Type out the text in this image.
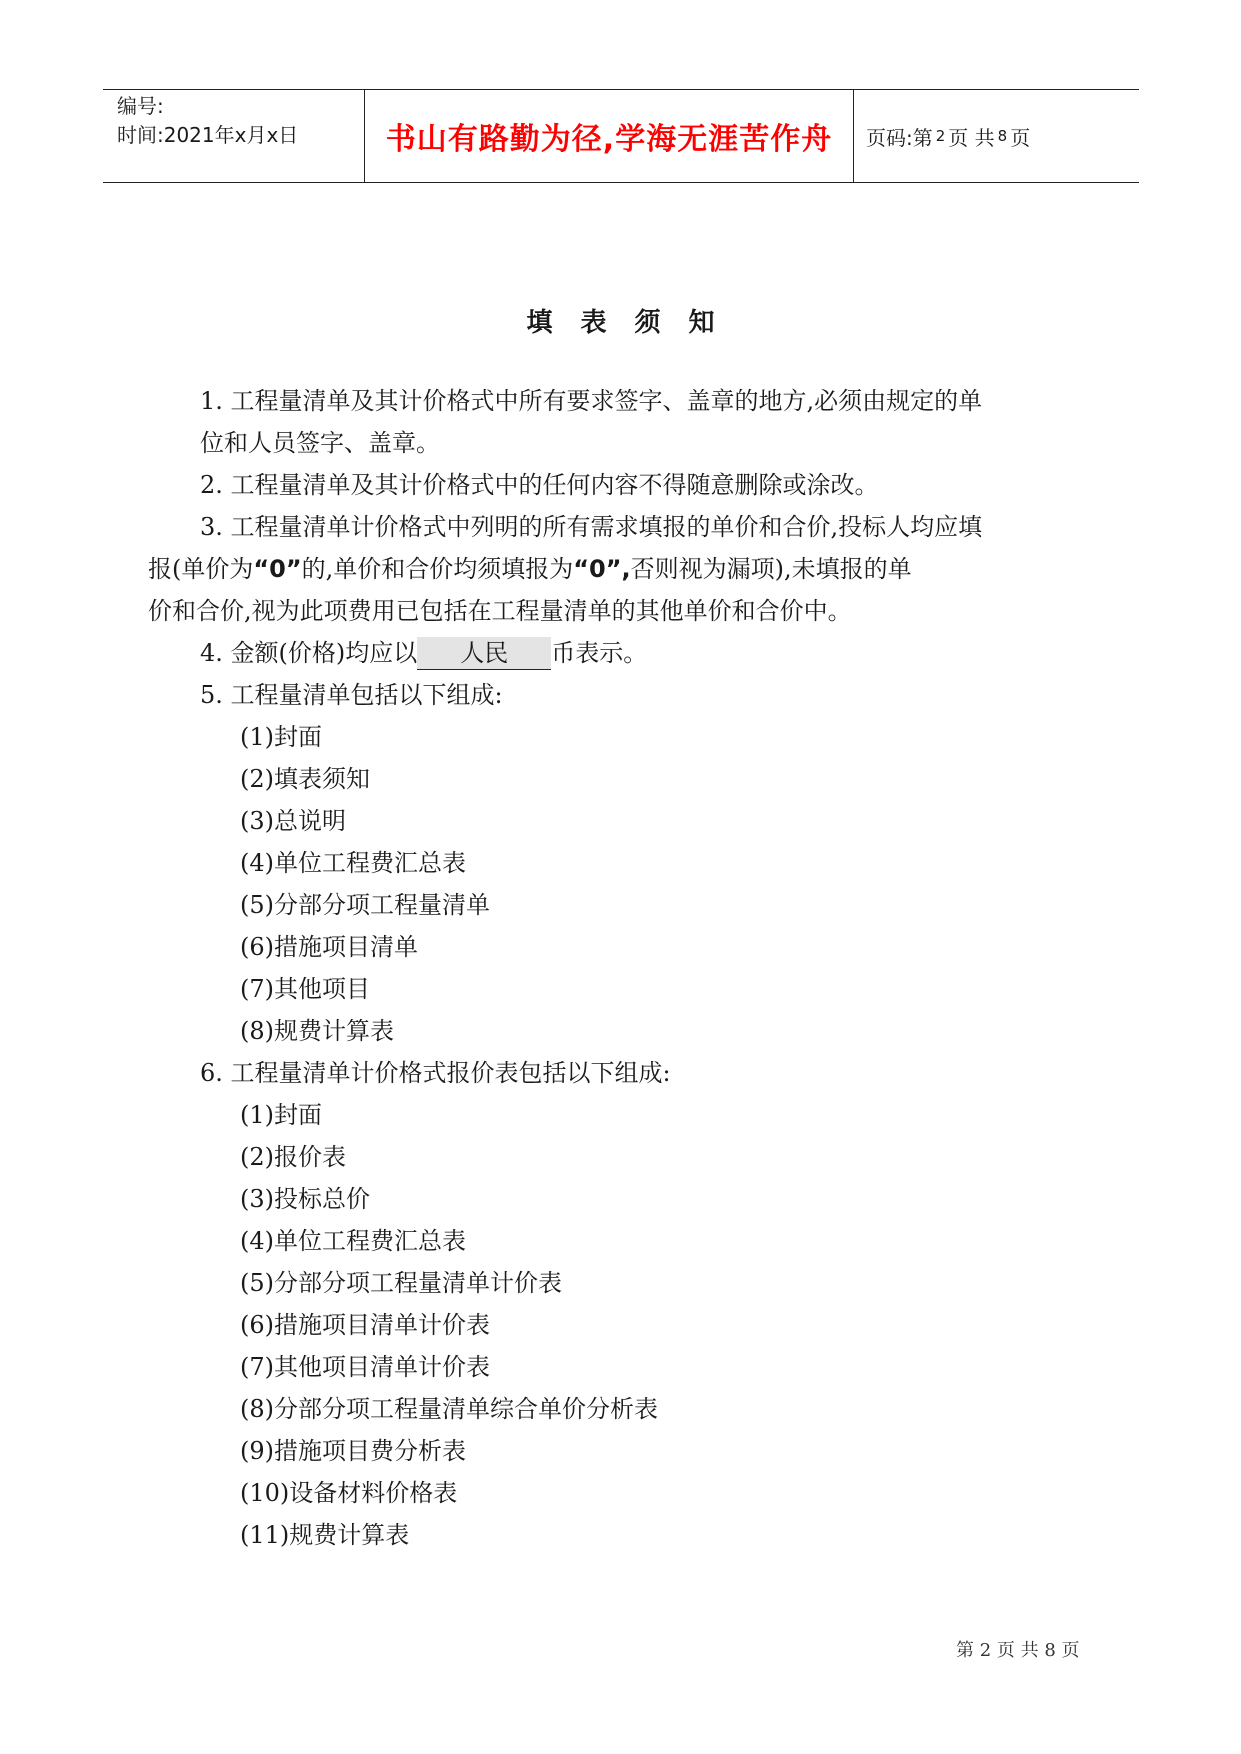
编号:
时间:2021年x月x日	书山有路勤为径,学海无涯苦作舟	页码:第 2 页 共 8 页
填表须知

1. 工程量清单及其计价格式中所有要求签字、盖章的地方,必须由规定的单

位和人员签字、盖章。

2. 工程量清单及其计价格式中的任何内容不得随意删除或涂改。

3. 工程量清单计价格式中列明的所有需求填报的单价和合价,投标人均应填

报(单价为“0”的,单价和合价均须填报为“0”,否则视为漏项),未填报的单

价和合价,视为此项费用已包括在工程量清单的其他单价和合价中。

4. 金额(价格)均应以 人民 币表示。

5. 工程量清单包括以下组成:

(1)封面

(2)填表须知

(3)总说明

(4)单位工程费汇总表

(5)分部分项工程量清单

(6)措施项目清单

(7)其他项目

(8)规费计算表

6. 工程量清单计价格式报价表包括以下组成:

(1)封面

(2)报价表

(3)投标总价

(4)单位工程费汇总表

(5)分部分项工程量清单计价表

(6)措施项目清单计价表

(7)其他项目清单计价表

(8)分部分项工程量清单综合单价分析表

(9)措施项目费分析表

(10)设备材料价格表

(11)规费计算表

第 2 页 共 8 页
